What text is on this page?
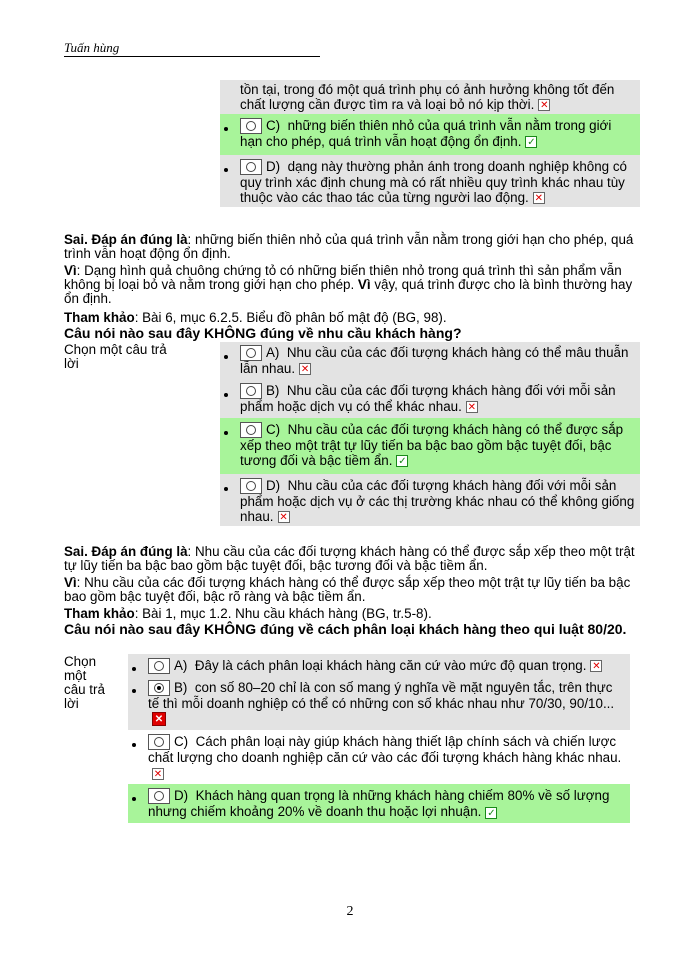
Tuấn hùng
tồn tại, trong đó một quá trình phụ có ảnh hưởng không tốt đến chất lượng cần được tìm ra và loại bỏ nó kịp thời. ✕
C) những biến thiên nhỏ của quá trình vẫn nằm trong giới hạn cho phép, quá trình vẫn hoạt động ổn định. ✓
D) dạng này thường phản ánh trong doanh nghiệp không có quy trình xác định chung mà có rất nhiều quy trình khác nhau tùy thuộc vào các thao tác của từng người lao động. ✕
Sai. Đáp án đúng là: những biến thiên nhỏ của quá trình vẫn nằm trong giới hạn cho phép, quá trình vẫn hoạt động ổn định.
Vì: Dạng hình quả chuông chứng tỏ có những biến thiên nhỏ trong quá trình thì sản phẩm vẫn không bị loại bỏ và nằm trong giới hạn cho phép. Vì vậy, quá trình được cho là bình thường hay ổn định.
Tham khảo: Bài 6, mục 6.2.5. Biểu đồ phân bố mật độ (BG, 98).
Câu nói nào sau đây KHÔNG đúng về nhu cầu khách hàng?
Chọn một câu trả lời
A) Nhu cầu của các đối tượng khách hàng có thể mâu thuẫn lẫn nhau. ✕
B) Nhu cầu của các đối tượng khách hàng đối với mỗi sản phẩm hoặc dịch vụ có thể khác nhau. ✕
C) Nhu cầu của các đối tượng khách hàng có thể được sắp xếp theo một trật tự lũy tiến ba bậc bao gồm bậc tuyệt đối, bậc tương đối và bậc tiềm ẩn. ✓
D) Nhu cầu của các đối tượng khách hàng đối với mỗi sản phẩm hoặc dịch vụ ở các thị trường khác nhau có thể không giống nhau. ✕
Sai. Đáp án đúng là: Nhu cầu của các đối tượng khách hàng có thể được sắp xếp theo một trật tự lũy tiến ba bậc bao gồm bậc tuyệt đối, bậc tương đối và bậc tiềm ẩn.
Vì: Nhu cầu của các đối tượng khách hàng có thể được sắp xếp theo một trật tự lũy tiến ba bậc bao gồm bậc tuyệt đối, bậc rõ ràng và bậc tiềm ẩn.
Tham khảo: Bài 1, mục 1.2. Nhu cầu khách hàng (BG, tr.5-8).
Câu nói nào sau đây KHÔNG đúng về cách phân loại khách hàng theo qui luật 80/20.
Chọn một câu trả lời
A) Đây là cách phân loại khách hàng căn cứ vào mức độ quan trọng. ✕
B) con số 80–20 chỉ là con số mang ý nghĩa về mặt nguyên tắc, trên thực tế thì mỗi doanh nghiệp có thể có những con số khác nhau như 70/30, 90/10...✕
C) Cách phân loại này giúp khách hàng thiết lập chính sách và chiến lược chất lượng cho doanh nghiệp căn cứ vào các đối tượng khách hàng khác nhau.✕
D) Khách hàng quan trọng là những khách hàng chiếm 80% về số lượng nhưng chiếm khoảng 20% về doanh thu hoặc lợi nhuận. ✓
2
